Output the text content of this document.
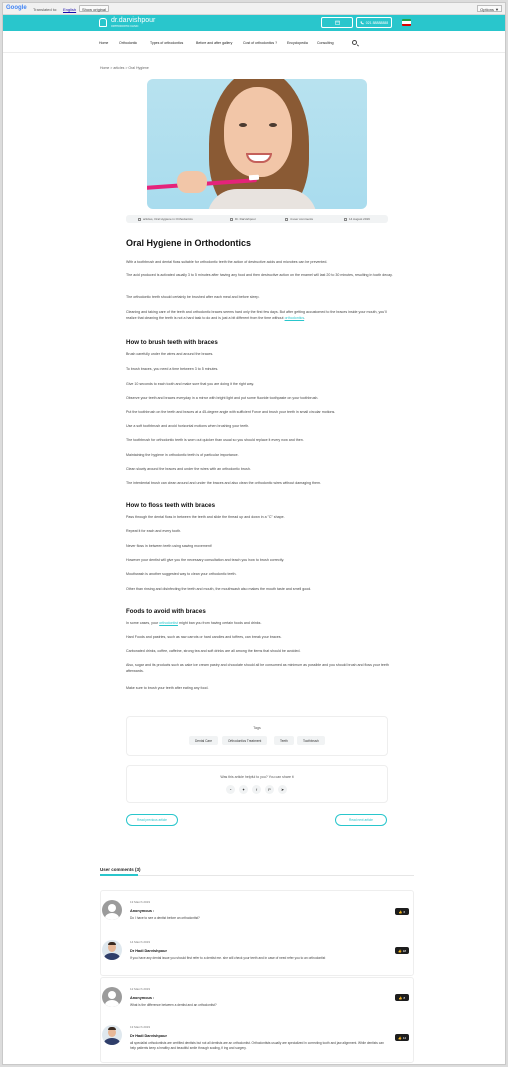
Google Translated to: English	Show original	Options ▼
dr.darvishpour
ORTHODONTIC CLINIC
021 88888888
Home	Orthodontic	Types of orthodontics	Before and after gallery	Cost of orthodontics ?	Encyclopedia	Consulting
Home > articles > Oral Hygiene
articles, Oral Hygiene in Orthodontics	Dr. Darvishpour	4 user comments	14 August 2019
Oral Hygiene in Orthodontics
With a toothbrush and dental floss suitable for orthodontic teeth the action of destructive acids and microbes can be prevented.
The acid produced is activated usually 3 to 5 minutes after having any food and then destructive action on the enamel will last 20 to 30 minutes, resulting in tooth decay.
The orthodontic teeth should certainly be brushed after each meal and before sleep.
Cleaning and taking care of the teeth and orthodontic braces seems hard only the first few days. But after getting accustomed to the braces inside your mouth, you'll realize that cleaning the teeth is not a hard task to do and is just a bit different from the time without orthodontics.
How to brush teeth with braces
Brush carefully under the wires and around the braces.
To brush braces, you need a time between 3 to 5 minutes.
Give 10 seconds to each tooth and make sure that you are doing it the right way.
Observe your teeth and braces everyday in a mirror with bright light and put some fluoride toothpaste on your toothbrush.
Put the toothbrush on the teeth and braces at a 45-degree angle with sufficient Force and brush your teeth in small circular motions.
Use a soft toothbrush and avoid horizontal motions when brushing your teeth.
The toothbrush for orthodontic teeth is worn out quicker than usual so you should replace it every now and then.
Maintaining the hygiene in orthodontic teeth is of particular importance.
Clean slowly around the braces and under the wires with an orthodontic brush.
The interdental brush can clean around and under the braces and also clean the orthodontic wires without damaging them.
How to floss teeth with braces
Pass through the dental floss in between the teeth and slide the thread up and down in a "C" shape.
Repeat it for each and every tooth.
Never floss in between teeth using sawing movement!
However your dentist will give you the necessary consultation and teach you how to brush correctly.
Mouthwash is another suggested way to clean your orthodontic teeth.
Other than rinsing and disinfecting the teeth and mouth, the mouthwash also makes the mouth taste and smell good.
Foods to avoid with braces
In some cases, your orthodontist might ban you from having certain foods and drinks.
Hard Foods and pastries, such as raw carrots or hard candies and toffees, can break your braces.
Carbonated drinks, coffee, caffeine, strong tea and soft drinks are all among the items that should be avoided.
Also, sugar and its products such as cake ice cream pastry and chocolate should all be consumed as minimum as possible and you should brush and floss your teeth afterwards.
Make sure to brush your teeth after eating any food.
Tags
Dental Care	Orthodontics Treatment	Teeth	Toothbrush
Was this article helpful to you? You can share it
◔	✦	f	P	➤
Read previous article	Read next article
User comments (3)
13 March 2019
Anonymous :
Do I have to see a dentist before an orthodontist?
👍 6
14 March 2019
Dr Hadi Darvishpour
If you have any dental issue you should first refer to a dentist me. she will check your teeth and in case of need refer you to an orthodontist
👍 18
12 March 2019
Anonymous :
What is the difference between a dentist and an orthodontist?
👍 8
13 March 2019
Dr Hadi Darvishpour
all specialist orthodontists are certified dentists but not all dentists are an orthodontist. Orthodontists usually are specialized in correcting tooth and jaw alignment. While dentists can help patients keep a healthy and beautiful smile through scaling, fi ing and surgery.
👍 14
